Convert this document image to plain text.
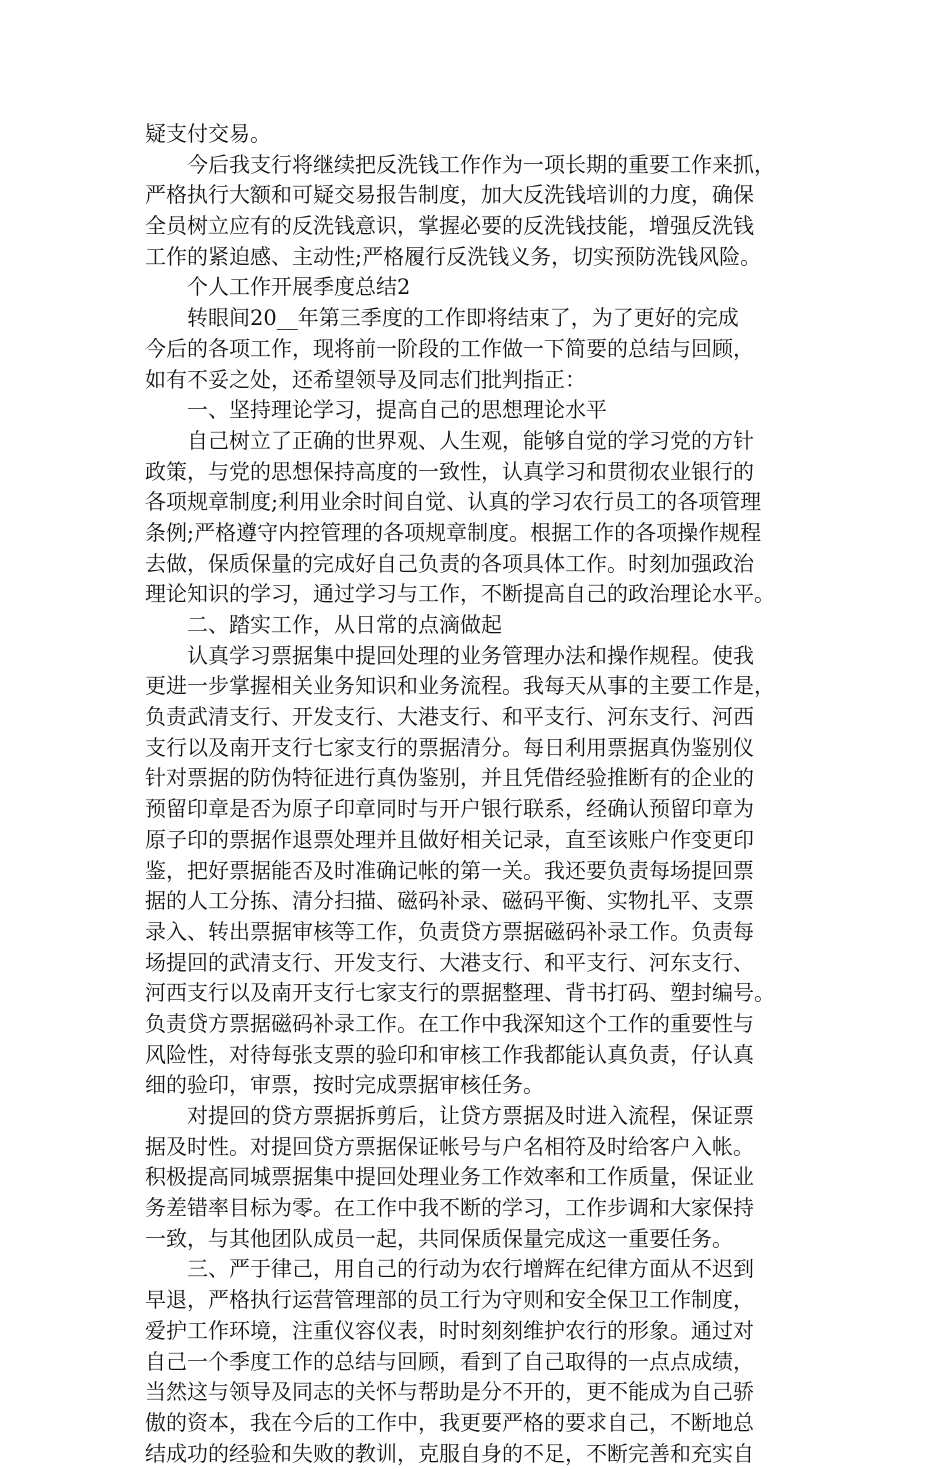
疑支付交易。
　　今后我支行将继续把反洗钱工作作为一项长期的重要工作来抓，
严格执行大额和可疑交易报告制度，加大反洗钱培训的力度，确保
全员树立应有的反洗钱意识，掌握必要的反洗钱技能，增强反洗钱
工作的紧迫感、主动性;严格履行反洗钱义务，切实预防洗钱风险。
　　个人工作开展季度总结2
　　转眼间20__年第三季度的工作即将结束了，为了更好的完成
今后的各项工作，现将前一阶段的工作做一下简要的总结与回顾，
如有不妥之处，还希望领导及同志们批判指正：
　　一、坚持理论学习，提高自己的思想理论水平
　　自己树立了正确的世界观、人生观，能够自觉的学习党的方针
政策，与党的思想保持高度的一致性，认真学习和贯彻农业银行的
各项规章制度;利用业余时间自觉、认真的学习农行员工的各项管理
条例;严格遵守内控管理的各项规章制度。根据工作的各项操作规程
去做，保质保量的完成好自己负责的各项具体工作。时刻加强政治
理论知识的学习，通过学习与工作，不断提高自己的政治理论水平。
　　二、踏实工作，从日常的点滴做起
　　认真学习票据集中提回处理的业务管理办法和操作规程。使我
更进一步掌握相关业务知识和业务流程。我每天从事的主要工作是，
负责武清支行、开发支行、大港支行、和平支行、河东支行、河西
支行以及南开支行七家支行的票据清分。每日利用票据真伪鉴别仪
针对票据的防伪特征进行真伪鉴别，并且凭借经验推断有的企业的
预留印章是否为原子印章同时与开户银行联系，经确认预留印章为
原子印的票据作退票处理并且做好相关记录，直至该账户作变更印
鉴，把好票据能否及时准确记帐的第一关。我还要负责每场提回票
据的人工分拣、清分扫描、磁码补录、磁码平衡、实物扎平、支票
录入、转出票据审核等工作，负责贷方票据磁码补录工作。负责每
场提回的武清支行、开发支行、大港支行、和平支行、河东支行、
河西支行以及南开支行七家支行的票据整理、背书打码、塑封编号。
负责贷方票据磁码补录工作。在工作中我深知这个工作的重要性与
风险性，对待每张支票的验印和审核工作我都能认真负责，仔认真
细的验印，审票，按时完成票据审核任务。
　　对提回的贷方票据拆剪后，让贷方票据及时进入流程，保证票
据及时性。对提回贷方票据保证帐号与户名相符及时给客户入帐。
积极提高同城票据集中提回处理业务工作效率和工作质量，保证业
务差错率目标为零。在工作中我不断的学习，工作步调和大家保持
一致，与其他团队成员一起，共同保质保量完成这一重要任务。
　　三、严于律己，用自己的行动为农行增辉在纪律方面从不迟到
早退，严格执行运营管理部的员工行为守则和安全保卫工作制度，
爱护工作环境，注重仪容仪表，时时刻刻维护农行的形象。通过对
自己一个季度工作的总结与回顾，看到了自己取得的一点点成绩，
当然这与领导及同志的关怀与帮助是分不开的，更不能成为自己骄
傲的资本，我在今后的工作中，我更要严格的要求自己，不断地总
结成功的经验和失败的教训，克服自身的不足，不断完善和充实自
